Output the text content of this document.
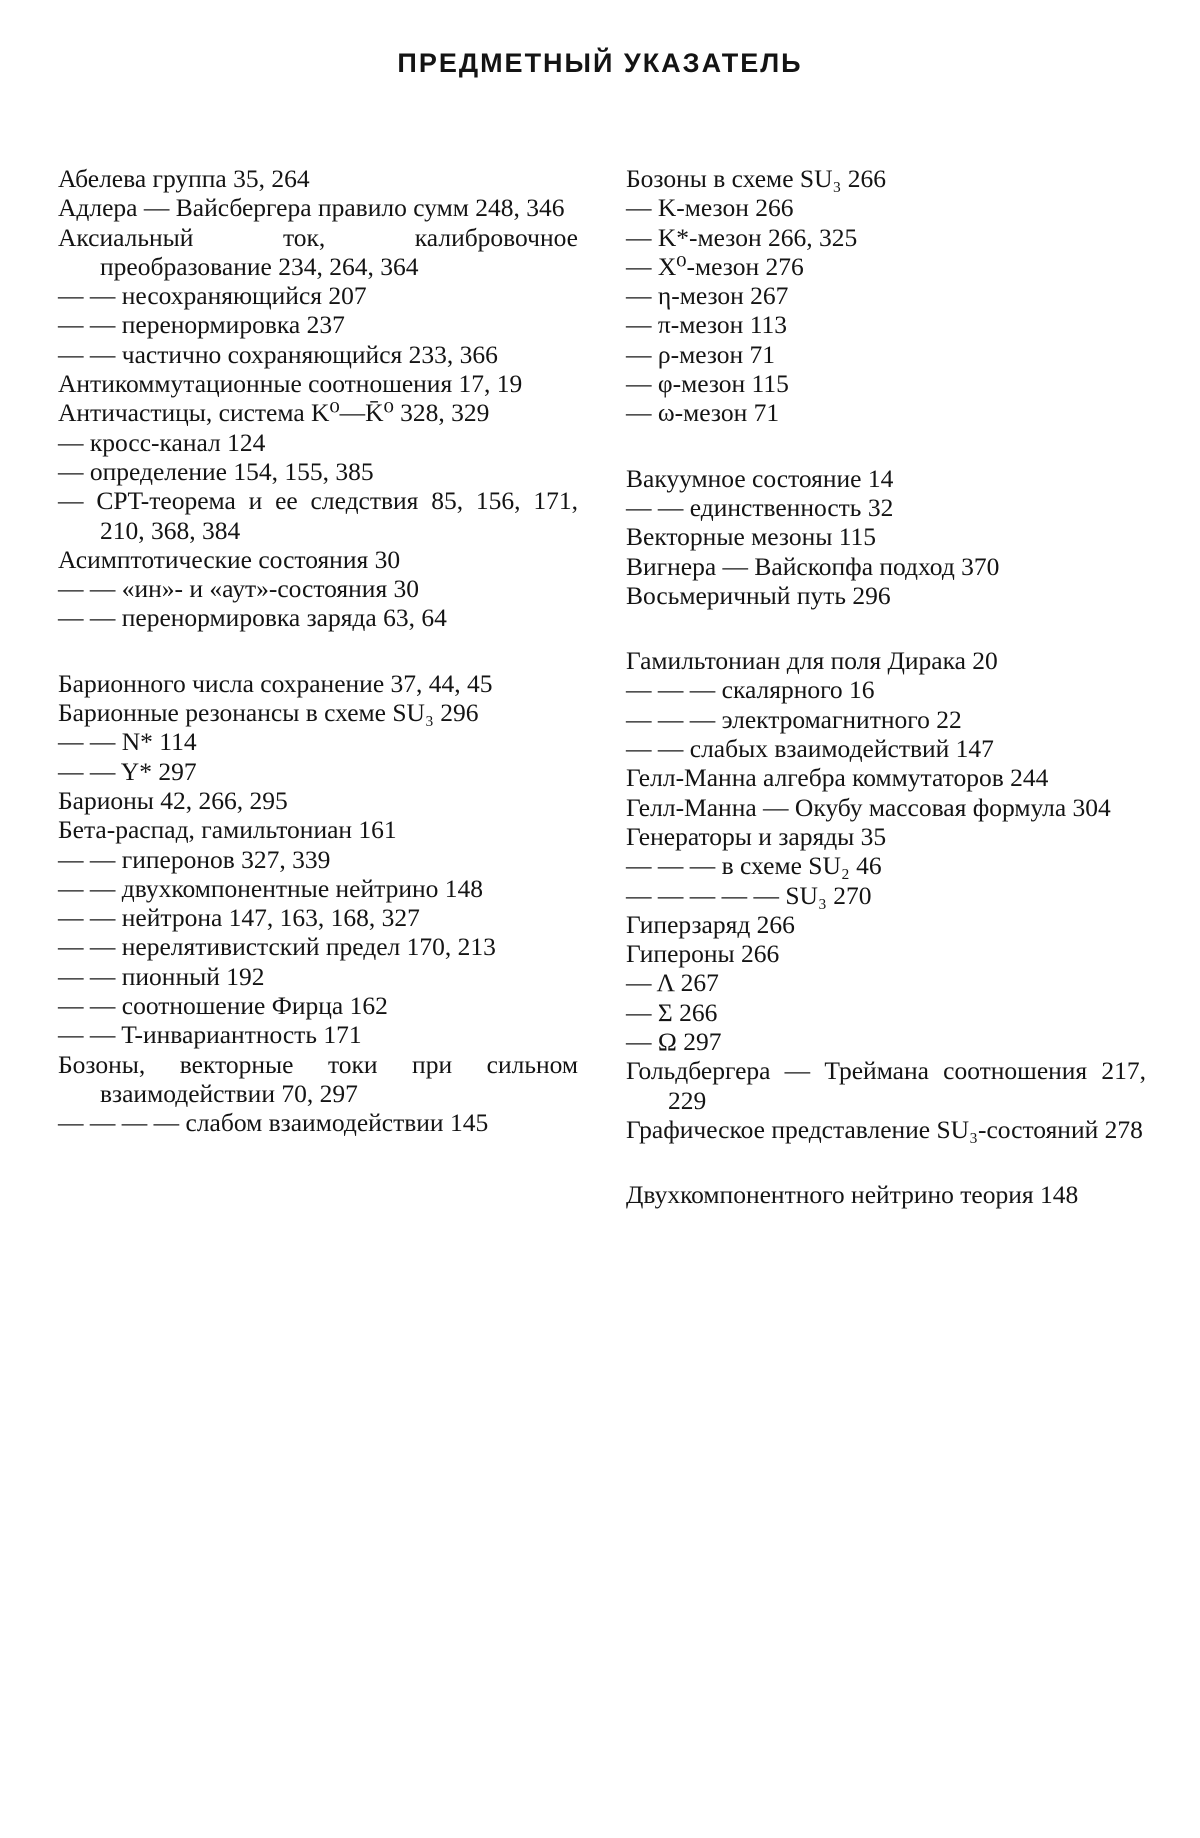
ПРЕДМЕТНЫЙ УКАЗАТЕЛЬ

Абелева группа 35, 264

Адлера — Вайсбергера правило сумм 248, 346

Аксиальный ток, калибровочное преобразование 234, 264, 364

— — несохраняющийся 207

— — перенормировка 237

— — частично сохраняющийся 233, 366

Антикоммутационные соотношения 17, 19

Античастицы, система K⁰—K̄⁰ 328, 329

— кросс-канал 124

— определение 154, 155, 385

— CPT-теорема и ее следствия 85, 156, 171, 210, 368, 384

Асимптотические состояния 30

— — «ин»- и «аут»-состояния 30

— — перенормировка заряда 63, 64

Барионного числа сохранение 37, 44, 45

Барионные резонансы в схеме SU₃ 296

— — N* 114

— — Y* 297

Барионы 42, 266, 295

Бета-распад, гамильтониан 161

— — гиперонов 327, 339

— — двухкомпонентные нейтрино 148

— — нейтрона 147, 163, 168, 327

— — нерелятивистский предел 170, 213

— — пионный 192

— — соотношение Фирца 162

— — T-инвариантность 171

Бозоны, векторные токи при сильном взаимодействии 70, 297

— — — — слабом взаимодействии 145

Бозоны в схеме SU₃ 266

— K-мезон 266

— K*-мезон 266, 325

— X⁰-мезон 276

— η-мезон 267

— π-мезон 113

— ρ-мезон 71

— φ-мезон 115

— ω-мезон 71

Вакуумное состояние 14

— — единственность 32

Векторные мезоны 115

Вигнера — Вайскопфа подход 370

Восьмеричный путь 296

Гамильтониан для поля Дирака 20

— — — скалярного 16

— — — электромагнитного 22

— — слабых взаимодействий 147

Гелл-Манна алгебра коммутаторов 244

Гелл-Манна — Окубу массовая формула 304

Генераторы и заряды 35

— — — в схеме SU₂ 46

— — — — — SU₃ 270

Гиперзаряд 266

Гипероны 266

— Λ 267

— Σ 266

— Ω 297

Гольдбергера — Треймана соотношения 217, 229

Графическое представление SU₃-состояний 278

Двухкомпонентного нейтрино теория 148
